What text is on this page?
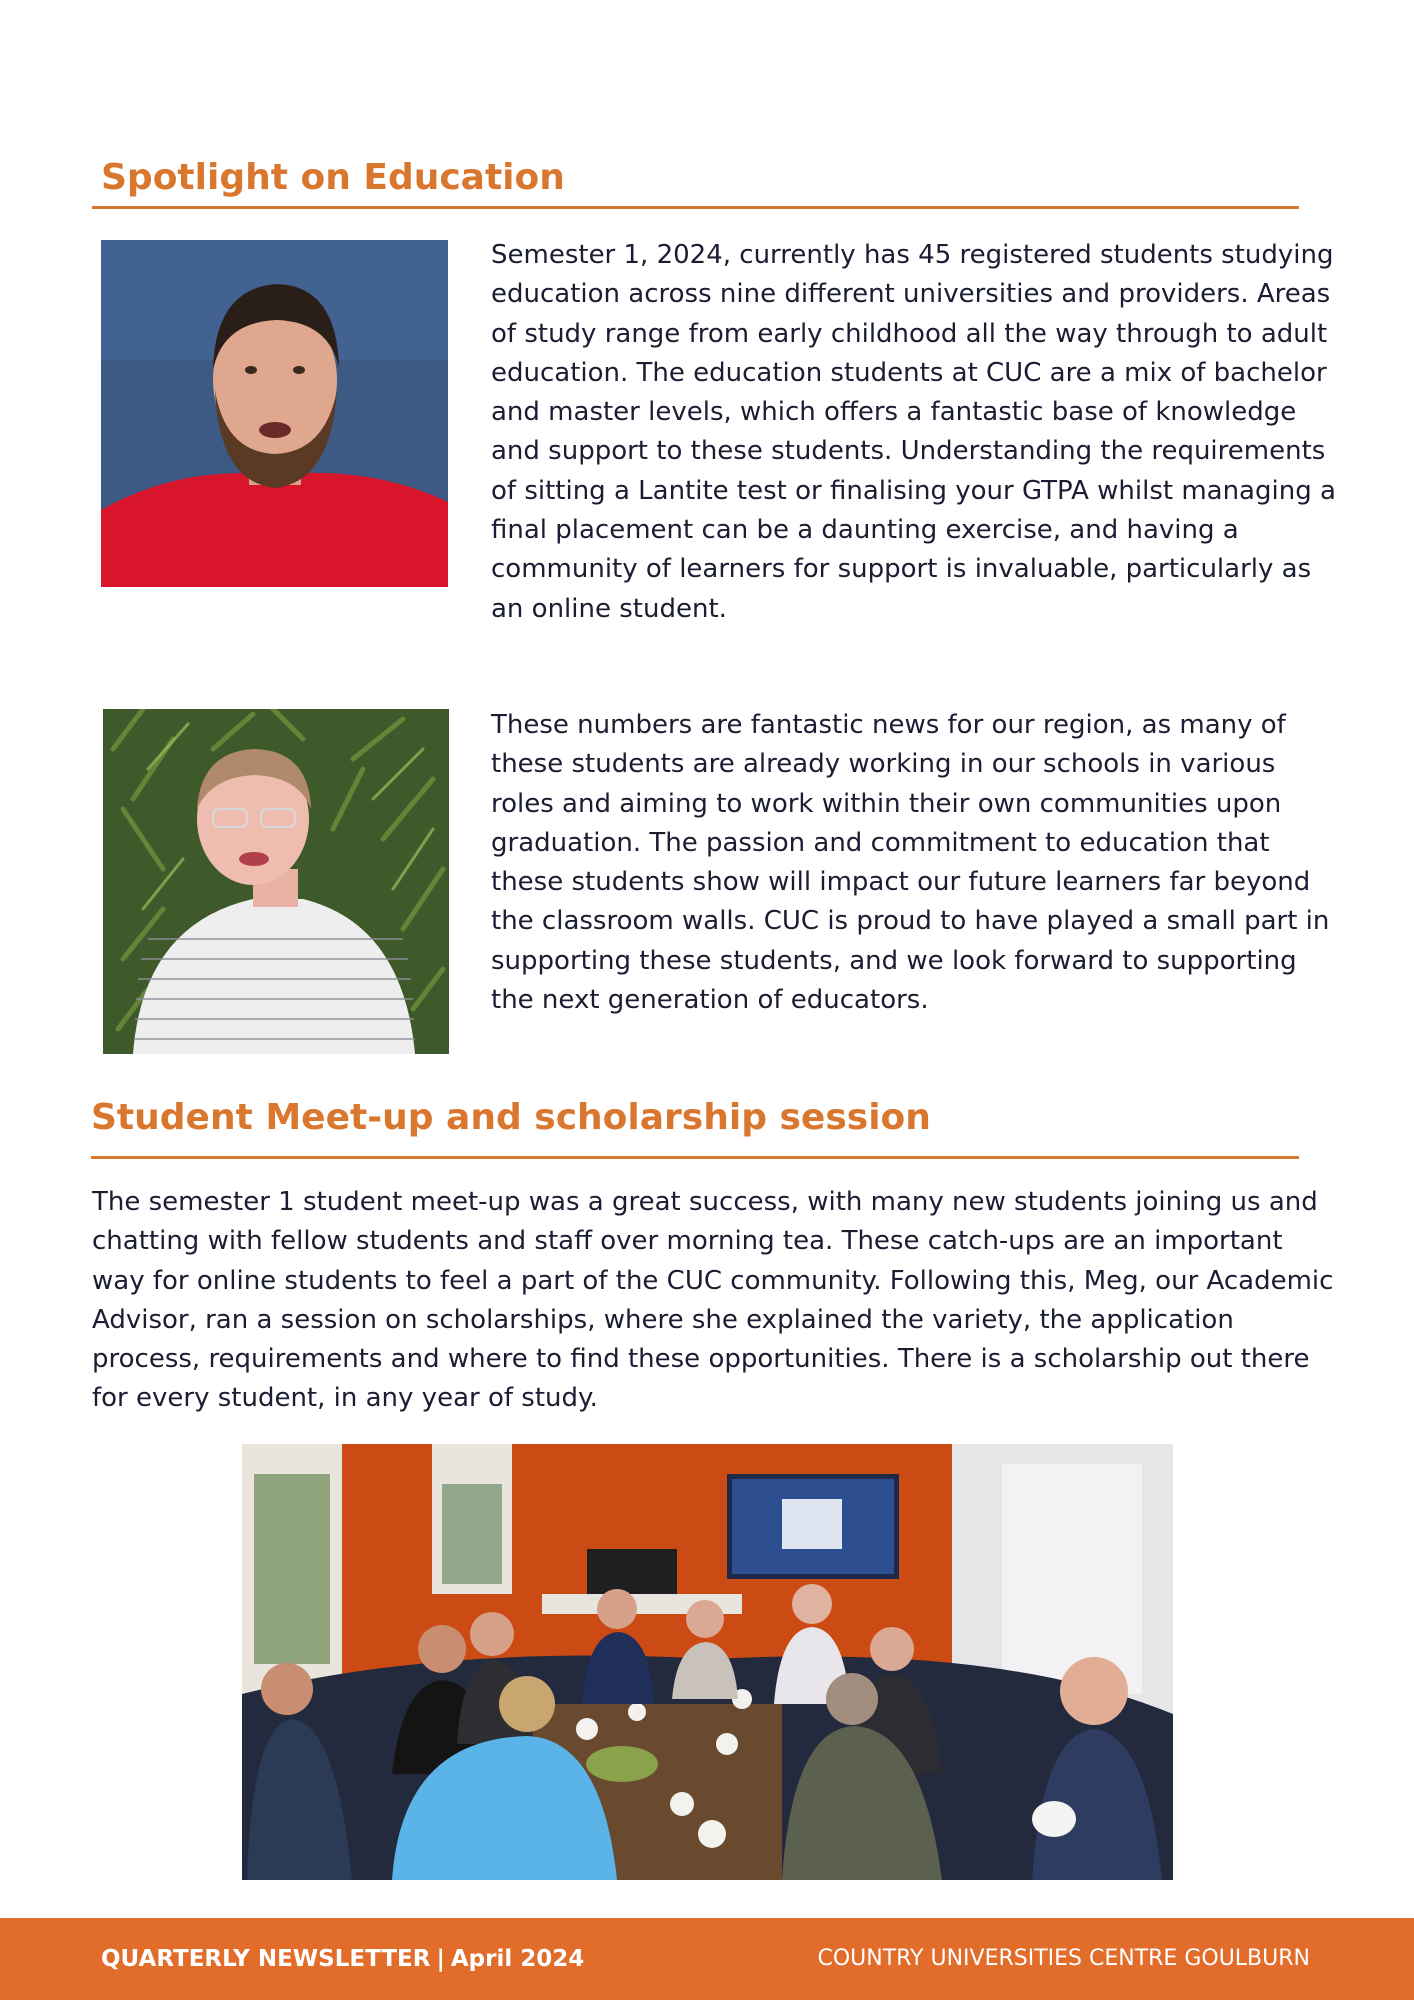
Spotlight on Education

Semester 1, 2024, currently has 45 registered students studying education across nine different universities and providers. Areas of study range from early childhood all the way through to adult education. The education students at CUC are a mix of bachelor and master levels, which offers a fantastic base of knowledge and support to these students. Understanding the requirements of sitting a Lantite test or finalising your GTPA whilst managing a final placement can be a daunting exercise, and having a community of learners for support is invaluable, particularly as an online student.

These numbers are fantastic news for our region, as many of these students are already working in our schools in various roles and aiming to work within their own communities upon graduation. The passion and commitment to education that these students show will impact our future learners far beyond the classroom walls. CUC is proud to have played a small part in supporting these students, and we look forward to supporting the next generation of educators.

Student Meet-up and scholarship session

The semester 1 student meet-up was a great success, with many new students joining us and chatting with fellow students and staff over morning tea. These catch-ups are an important way for online students to feel a part of the CUC community. Following this, Meg, our Academic Advisor, ran a session on scholarships, where she explained the variety, the application process, requirements and where to find these opportunities. There is a scholarship out there for every student, in any year of study.

QUARTERLY NEWSLETTER | April 2024	COUNTRY UNIVERSITIES CENTRE GOULBURN
